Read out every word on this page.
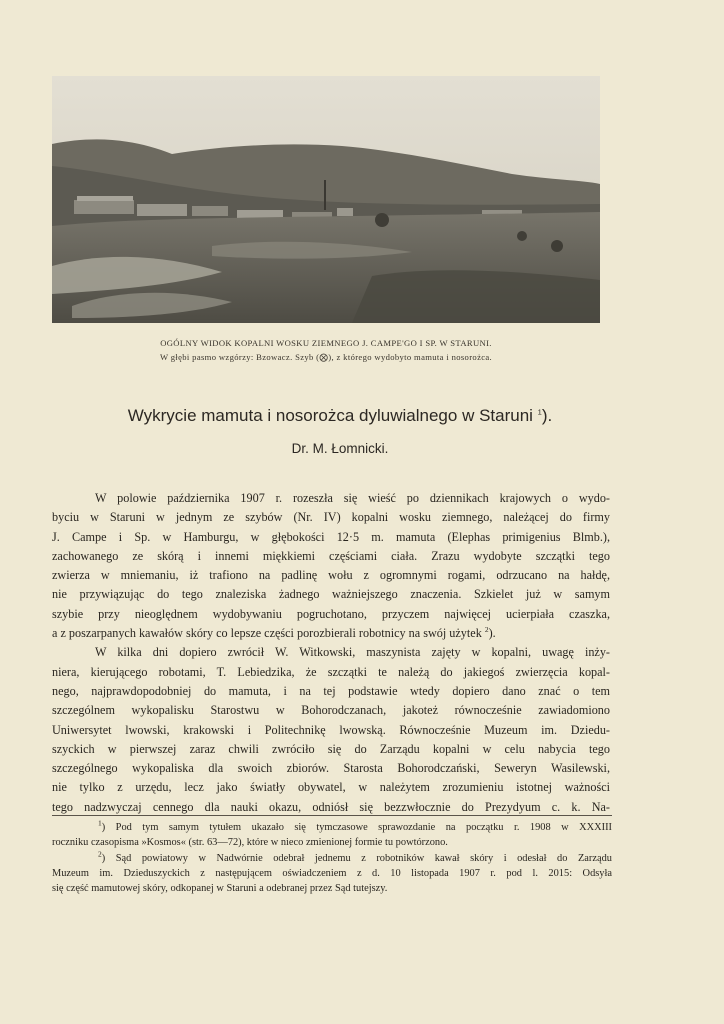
OGÓLNY WIDOK KOPALNI WOSKU ZIEMNEGO J. CAMPE'GO I SP. W STARUNI.
W głębi pasmo wzgórzy: Bzowacz. Szyb (⨂), z którego wydobyto mamuta i nosorożca.
Wykrycie mamuta i nosorożca dyluwialnego w Staruni $^1$).
Dr. M. Łomnicki.
W polowie października 1907 r. rozeszła się wieść po dziennikach krajowych o wydo-
byciu w Staruni w jednym ze szybów (Nr. IV) kopalni wosku ziemnego, należącej do firmy
J. Campe i Sp. w Hamburgu, w głębokości 12·5 m. mamuta (Elephas primigenius Blmb.),
zachowanego ze skórą i innemi miękkiemi częściami ciała. Zrazu wydobyte szczątki tego
zwierza w mniemaniu, iż trafiono na padlinę wołu z ogromnymi rogami, odrzucano na hałdę,
nie przywiązując do tego znaleziska żadnego ważniejszego znaczenia. Szkielet już w samym
szybie przy nieoględnem wydobywaniu pogruchotano, przyczem najwięcej ucierpiała czaszka,
a z poszarpanych kawałów skóry co lepsze części porozbierali robotnicy na swój użytek $^2$).
W kilka dni dopiero zwrócił W. Witkowski, maszynista zajęty w kopalni, uwagę inży-
niera, kierującego robotami, T. Lebiedzika, że szczątki te należą do jakiegoś zwierzęcia kopal-
nego, najprawdopodobniej do mamuta, i na tej podstawie wtedy dopiero dano znać o tem
szczególnem wykopalisku Starostwu w Bohorodczanach, jakoteż równocześnie zawiadomiono
Uniwersytet lwowski, krakowski i Politechnikę lwowską. Równocześnie Muzeum im. Dziedu-
szyckich w pierwszej zaraz chwili zwróciło się do Zarządu kopalni w celu nabycia tego
szczególnego wykopaliska dla swoich zbiorów. Starosta Bohorodczański, Seweryn Wasilewski,
nie tylko z urzędu, lecz jako światły obywatel, w należytem zrozumieniu istotnej ważności
tego nadzwyczaj cennego dla nauki okazu, odniósł się bezzwłocznie do Prezydyum c. k. Na-
$^1$) Pod tym samym tytułem ukazało się tymczasowe sprawozdanie na początku r. 1908 w XXXIII
roczniku czasopisma »Kosmos« (str. 63—72), które w nieco zmienionej formie tu powtórzono.
$^2$) Sąd powiatowy w Nadwórnie odebrał jednemu z robotników kawał skóry i odesłał do Zarządu
Muzeum im. Dzieduszyckich z następującem oświadczeniem z d. 10 listopada 1907 r. pod l. 2015: Odsyła
się część mamutowej skóry, odkopanej w Staruni a odebranej przez Sąd tutejszy.
